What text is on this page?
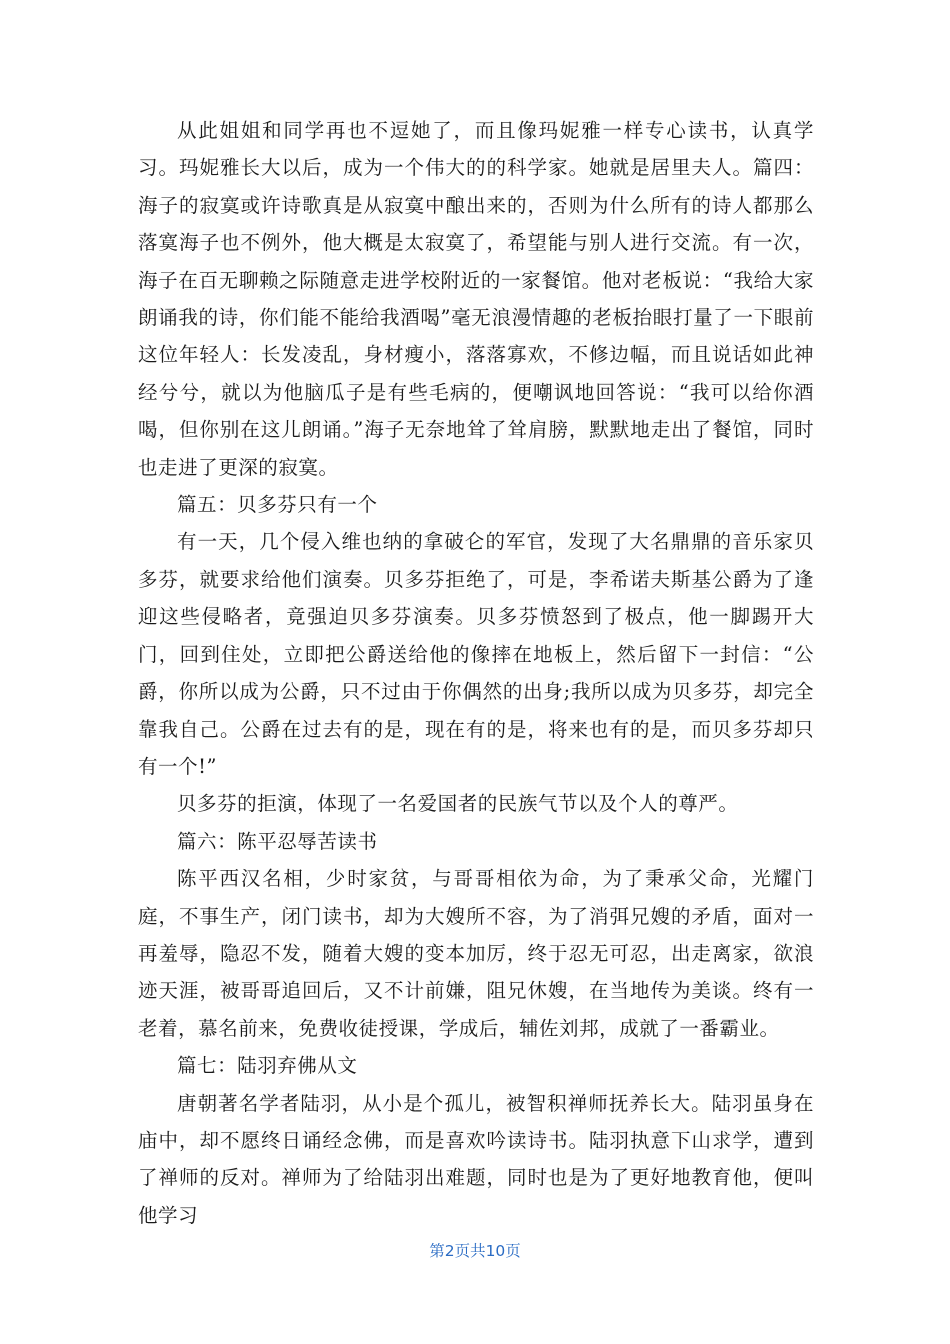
从此姐姐和同学再也不逗她了，而且像玛妮雅一样专心读书，认真学习。玛妮雅长大以后，成为一个伟大的的科学家。她就是居里夫人。篇四：海子的寂寞或许诗歌真是从寂寞中酿出来的，否则为什么所有的诗人都那么落寞海子也不例外，他大概是太寂寞了，希望能与别人进行交流。有一次，海子在百无聊赖之际随意走进学校附近的一家餐馆。他对老板说：“我给大家朗诵我的诗，你们能不能给我酒喝”毫无浪漫情趣的老板抬眼打量了一下眼前这位年轻人：长发凌乱，身材瘦小，落落寡欢，不修边幅，而且说话如此神经兮兮，就以为他脑瓜子是有些毛病的，便嘲讽地回答说：“我可以给你酒喝，但你别在这儿朗诵。”海子无奈地耸了耸肩膀，默默地走出了餐馆，同时也走进了更深的寂寞。

篇五：贝多芬只有一个

有一天，几个侵入维也纳的拿破仑的军官，发现了大名鼎鼎的音乐家贝多芬，就要求给他们演奏。贝多芬拒绝了，可是，李希诺夫斯基公爵为了逢迎这些侵略者，竟强迫贝多芬演奏。贝多芬愤怒到了极点，他一脚踢开大门，回到住处，立即把公爵送给他的像摔在地板上，然后留下一封信：“公爵，你所以成为公爵，只不过由于你偶然的出身;我所以成为贝多芬，却完全靠我自己。公爵在过去有的是，现在有的是，将来也有的是，而贝多芬却只有一个!”

贝多芬的拒演，体现了一名爱国者的民族气节以及个人的尊严。

篇六：陈平忍辱苦读书

陈平西汉名相，少时家贫，与哥哥相依为命，为了秉承父命，光耀门庭，不事生产，闭门读书，却为大嫂所不容，为了消弭兄嫂的矛盾，面对一再羞辱，隐忍不发，随着大嫂的变本加厉，终于忍无可忍，出走离家，欲浪迹天涯，被哥哥追回后，又不计前嫌，阻兄休嫂，在当地传为美谈。终有一老着，慕名前来，免费收徒授课，学成后，辅佐刘邦，成就了一番霸业。

篇七：陆羽弃佛从文

唐朝著名学者陆羽，从小是个孤儿，被智积禅师抚养长大。陆羽虽身在庙中，却不愿终日诵经念佛，而是喜欢吟读诗书。陆羽执意下山求学，遭到了禅师的反对。禅师为了给陆羽出难题，同时也是为了更好地教育他，便叫他学习

第2页共10页
